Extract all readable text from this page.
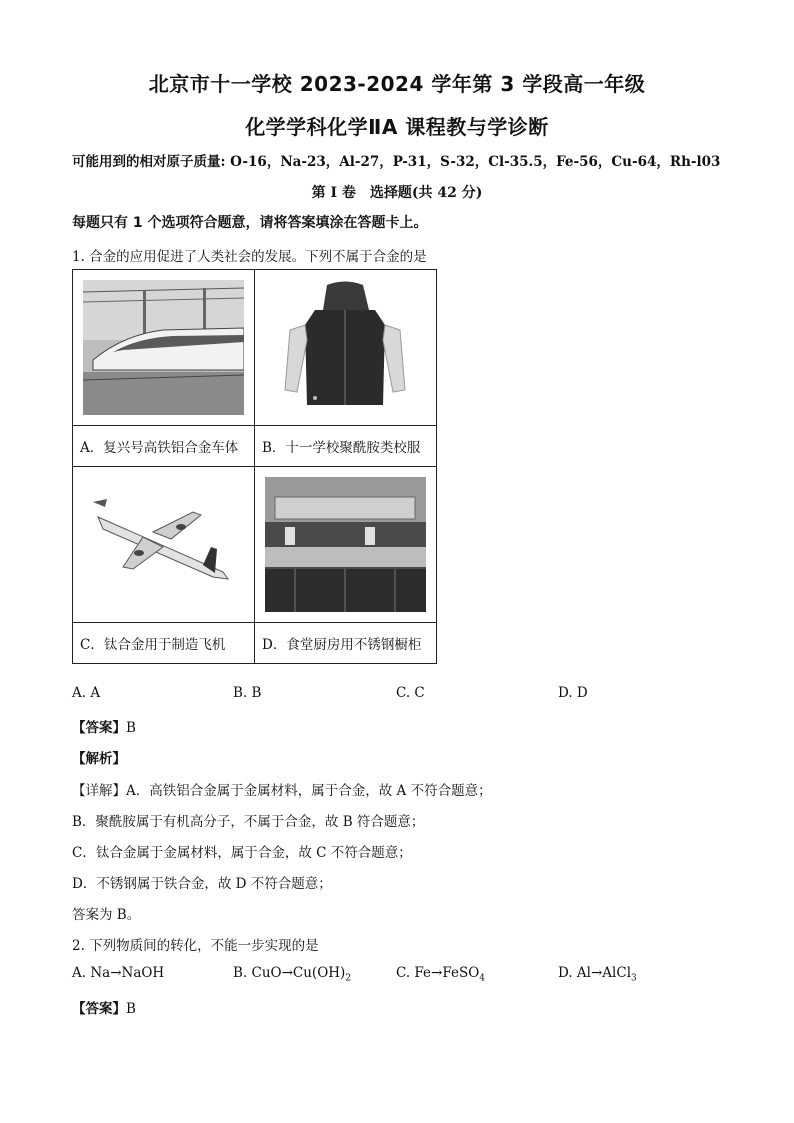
北京市十一学校 2023-2024 学年第 3 学段高一年级
化学学科化学ⅡA 课程教与学诊断
可能用到的相对原子质量: O-16，Na-23，Al-27，P-31，S-32，Cl-35.5，Fe-56，Cu-64，Rh-l03
第 I 卷　选择题(共 42 分)
每题只有 1 个选项符合题意，请将答案填涂在答题卡上。
1. 合金的应用促进了人类社会的发展。下列不属于合金的是

A．复兴号高铁铝合金车体	B．十一学校聚酰胺类校服

C．钛合金用于制造飞机	D．食堂厨房用不锈钢橱柜
A. A	B. B	C. C	D. D
【答案】B
【解析】
【详解】A．高铁铝合金属于金属材料，属于合金，故 A 不符合题意；
B．聚酰胺属于有机高分子，不属于合金，故 B 符合题意；
C．钛合金属于金属材料，属于合金，故 C 不符合题意；
D．不锈钢属于铁合金，故 D 不符合题意；
答案为 B。
2. 下列物质间的转化，不能一步实现的是
A. Na→NaOH	B. $CuO\to Cu(OH)_2$	C. Fe→FeSO$_4$	D. Al→AlCl$_3$
【答案】B
